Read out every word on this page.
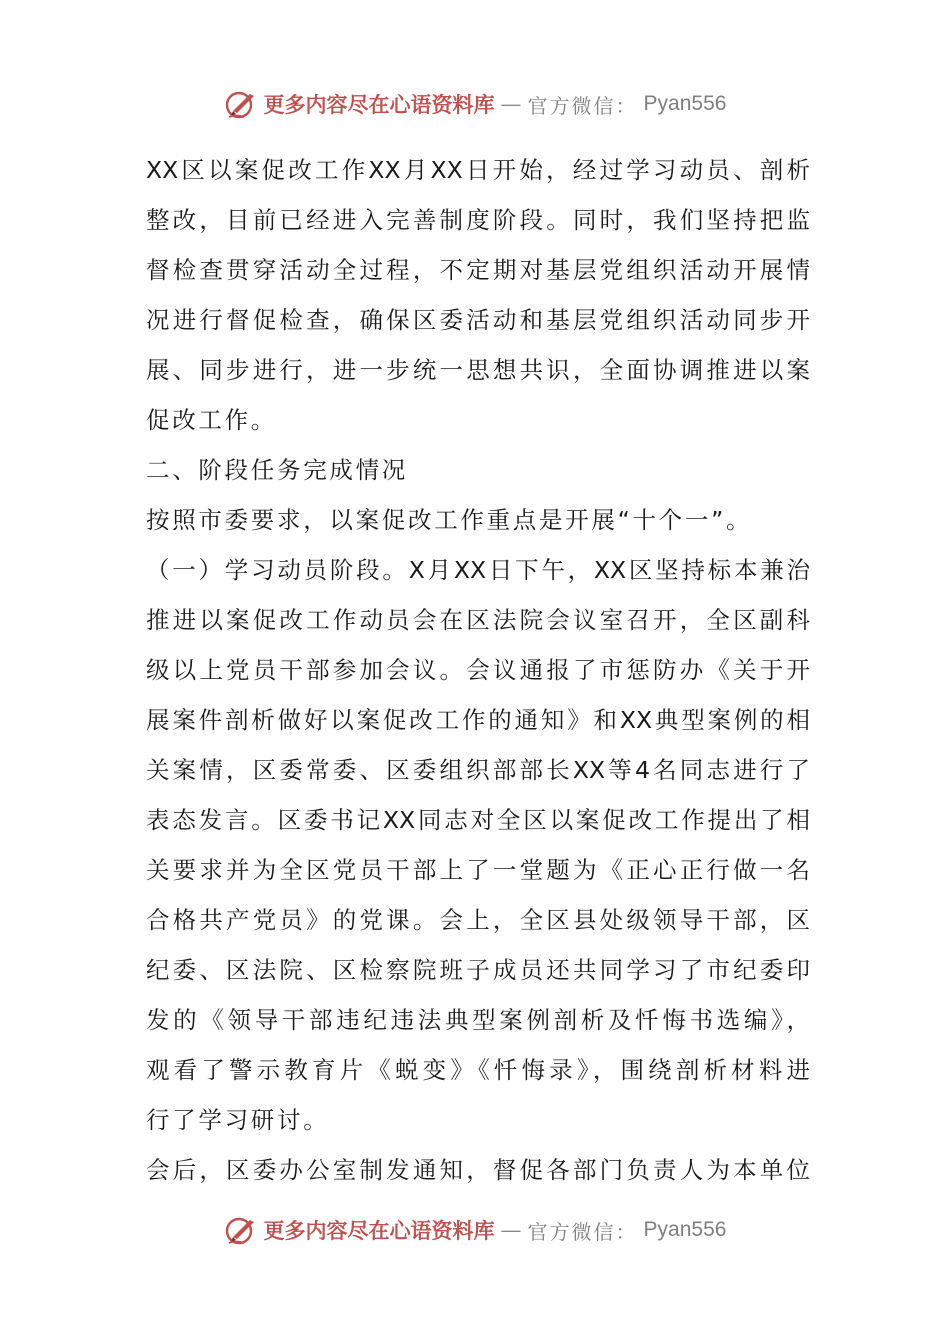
更多内容尽在心语资料库 — 官方微信： Pyan556
XX区以案促改工作XX月XX日开始，经过学习动员、剖析
整改，目前已经进入完善制度阶段。同时，我们坚持把监
督检查贯穿活动全过程，不定期对基层党组织活动开展情
况进行督促检查，确保区委活动和基层党组织活动同步开
展、同步进行，进一步统一思想共识，全面协调推进以案
促改工作。
二、阶段任务完成情况
按照市委要求，以案促改工作重点是开展“十个一”。
（一）学习动员阶段。X月XX日下午，XX区坚持标本兼治
推进以案促改工作动员会在区法院会议室召开，全区副科
级以上党员干部参加会议。会议通报了市惩防办《关于开
展案件剖析做好以案促改工作的通知》和XX典型案例的相
关案情，区委常委、区委组织部部长XX等4名同志进行了
表态发言。区委书记XX同志对全区以案促改工作提出了相
关要求并为全区党员干部上了一堂题为《正心正行做一名
合格共产党员》的党课。会上，全区县处级领导干部，区
纪委、区法院、区检察院班子成员还共同学习了市纪委印
发的《领导干部违纪违法典型案例剖析及忏悔书选编》，
观看了警示教育片《蜕变》《忏悔录》，围绕剖析材料进
行了学习研讨。
会后，区委办公室制发通知，督促各部门负责人为本单位
更多内容尽在心语资料库 — 官方微信： Pyan556
